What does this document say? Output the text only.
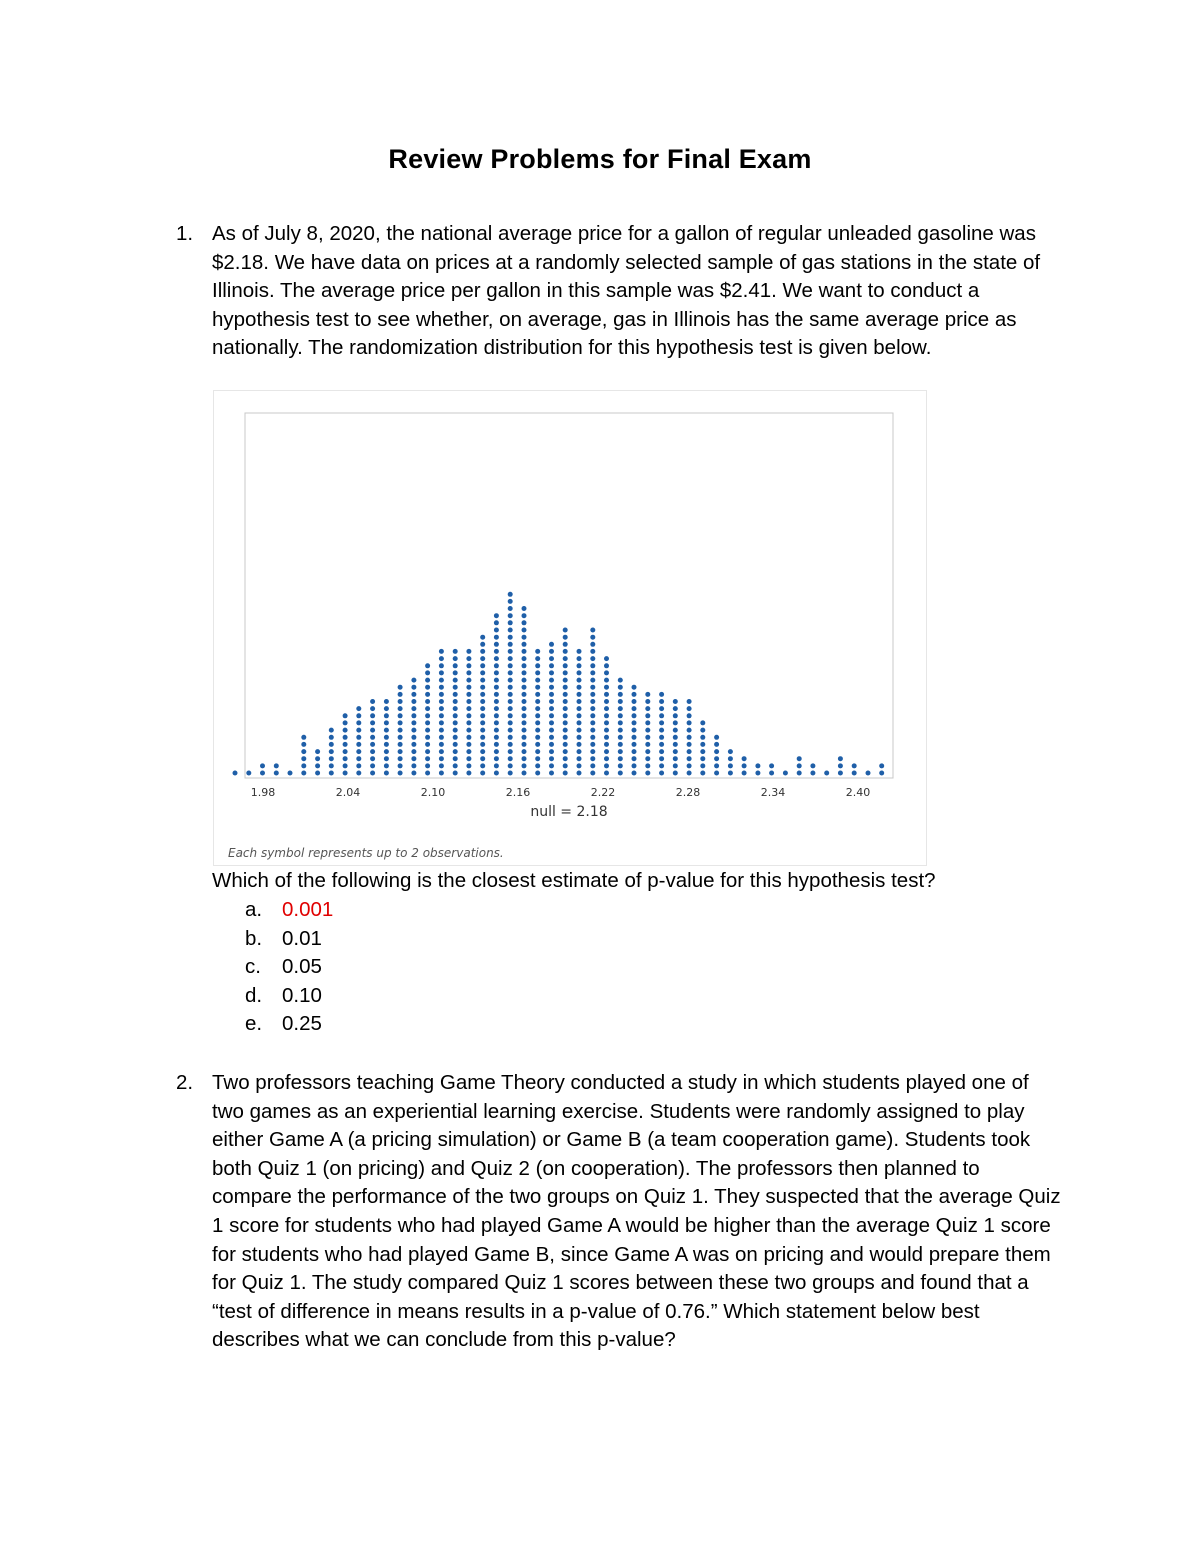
Review Problems for Final Exam
1. As of July 8, 2020, the national average price for a gallon of regular unleaded gasoline was $2.18. We have data on prices at a randomly selected sample of gas stations in the state of Illinois. The average price per gallon in this sample was $2.41. We want to conduct a hypothesis test to see whether, on average, gas in Illinois has the same average price as nationally. The randomization distribution for this hypothesis test is given below.
1.98	2.04	2.10	2.16	2.22	2.28	2.34	2.40
null = 2.18
Each symbol represents up to 2 observations.
Which of the following is the closest estimate of p-value for this hypothesis test?
a. 0.001
b. 0.01
c. 0.05
d. 0.10
e. 0.25
2. Two professors teaching Game Theory conducted a study in which students played one of two games as an experiential learning exercise. Students were randomly assigned to play either Game A (a pricing simulation) or Game B (a team cooperation game). Students took both Quiz 1 (on pricing) and Quiz 2 (on cooperation). The professors then planned to compare the performance of the two groups on Quiz 1. They suspected that the average Quiz 1 score for students who had played Game A would be higher than the average Quiz 1 score for students who had played Game B, since Game A was on pricing and would prepare them for Quiz 1. The study compared Quiz 1 scores between these two groups and found that a “test of difference in means results in a p-value of 0.76.” Which statement below best describes what we can conclude from this p-value?
